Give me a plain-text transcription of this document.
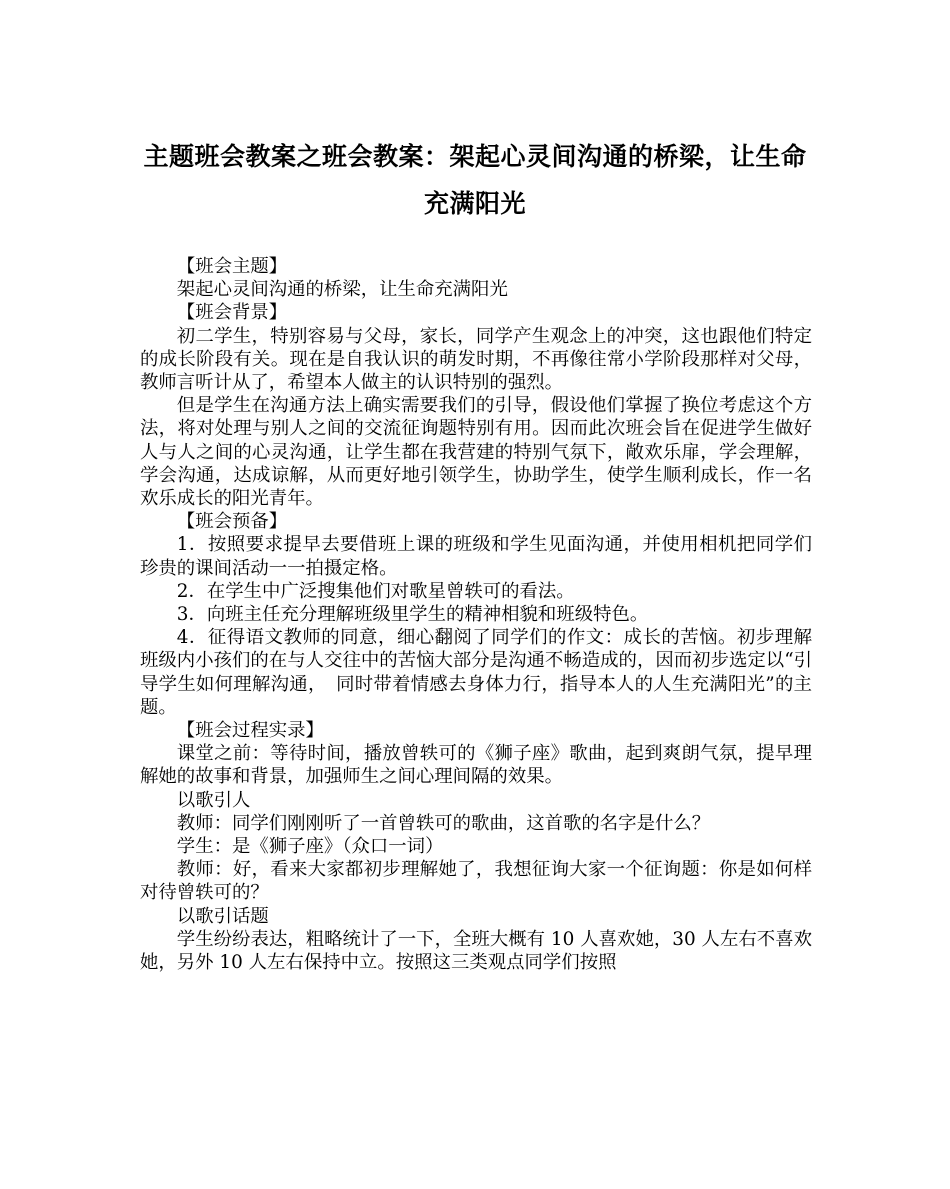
主题班会教案之班会教案：架起心灵间沟通的桥梁，让生命充满阳光

【班会主题】

架起心灵间沟通的桥梁，让生命充满阳光

【班会背景】

初二学生，特别容易与父母，家长，同学产生观念上的冲突，这也跟他们特定的成长阶段有关。现在是自我认识的萌发时期，不再像往常小学阶段那样对父母，教师言听计从了，希望本人做主的认识特别的强烈。

但是学生在沟通方法上确实需要我们的引导，假设他们掌握了换位考虑这个方法，将对处理与别人之间的交流征询题特别有用。因而此次班会旨在促进学生做好人与人之间的心灵沟通，让学生都在我营建的特别气氛下，敞欢乐扉，学会理解，学会沟通，达成谅解，从而更好地引领学生，协助学生，使学生顺利成长，作一名欢乐成长的阳光青年。

【班会预备】

1．按照要求提早去要借班上课的班级和学生见面沟通，并使用相机把同学们珍贵的课间活动一一拍摄定格。

2．在学生中广泛搜集他们对歌星曾轶可的看法。

3．向班主任充分理解班级里学生的精神相貌和班级特色。

4．征得语文教师的同意，细心翻阅了同学们的作文：成长的苦恼。初步理解班级内小孩们的在与人交往中的苦恼大部分是沟通不畅造成的，因而初步选定以“引导学生如何理解沟通，　同时带着情感去身体力行，指导本人的人生充满阳光”的主题。

【班会过程实录】

课堂之前：等待时间，播放曾轶可的《狮子座》歌曲，起到爽朗气氛，提早理解她的故事和背景，加强师生之间心理间隔的效果。

以歌引人

教师：同学们刚刚听了一首曾轶可的歌曲，这首歌的名字是什么？

学生：是《狮子座》（众口一词）

教师：好，看来大家都初步理解她了，我想征询大家一个征询题：你是如何样对待曾轶可的？

以歌引话题

学生纷纷表达，粗略统计了一下，全班大概有 10 人喜欢她，30 人左右不喜欢她，另外 10 人左右保持中立。按照这三类观点同学们按照
